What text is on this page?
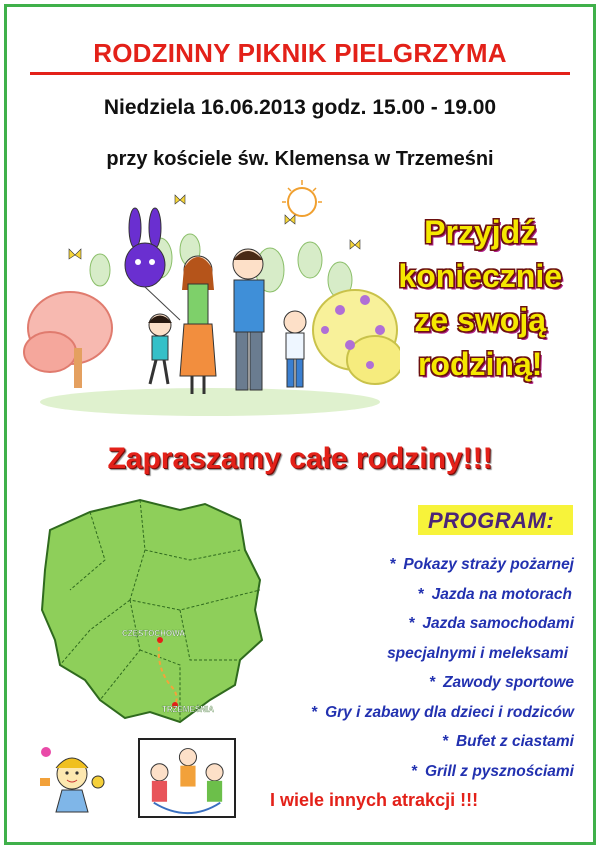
RODZINNY PIKNIK PIELGRZYMA
Niedziela 16.06.2013 godz. 15.00 - 19.00
przy kościele św. Klemensa w Trzemeśni
Przyjdź
koniecznie
ze swoją
rodziną!
Zapraszamy całe rodziny!!!
CZĘSTOCHOWA
TRZEMEŚNIA
PROGRAM:
* Pokazy straży pożarnej
* Jazda na motorach
* Jazda samochodami
specjalnymi i meleksami
* Zawody sportowe
* Gry i zabawy dla dzieci i rodziców
* Bufet z ciastami
* Grill z pysznościami
I wiele innych atrakcji !!!
